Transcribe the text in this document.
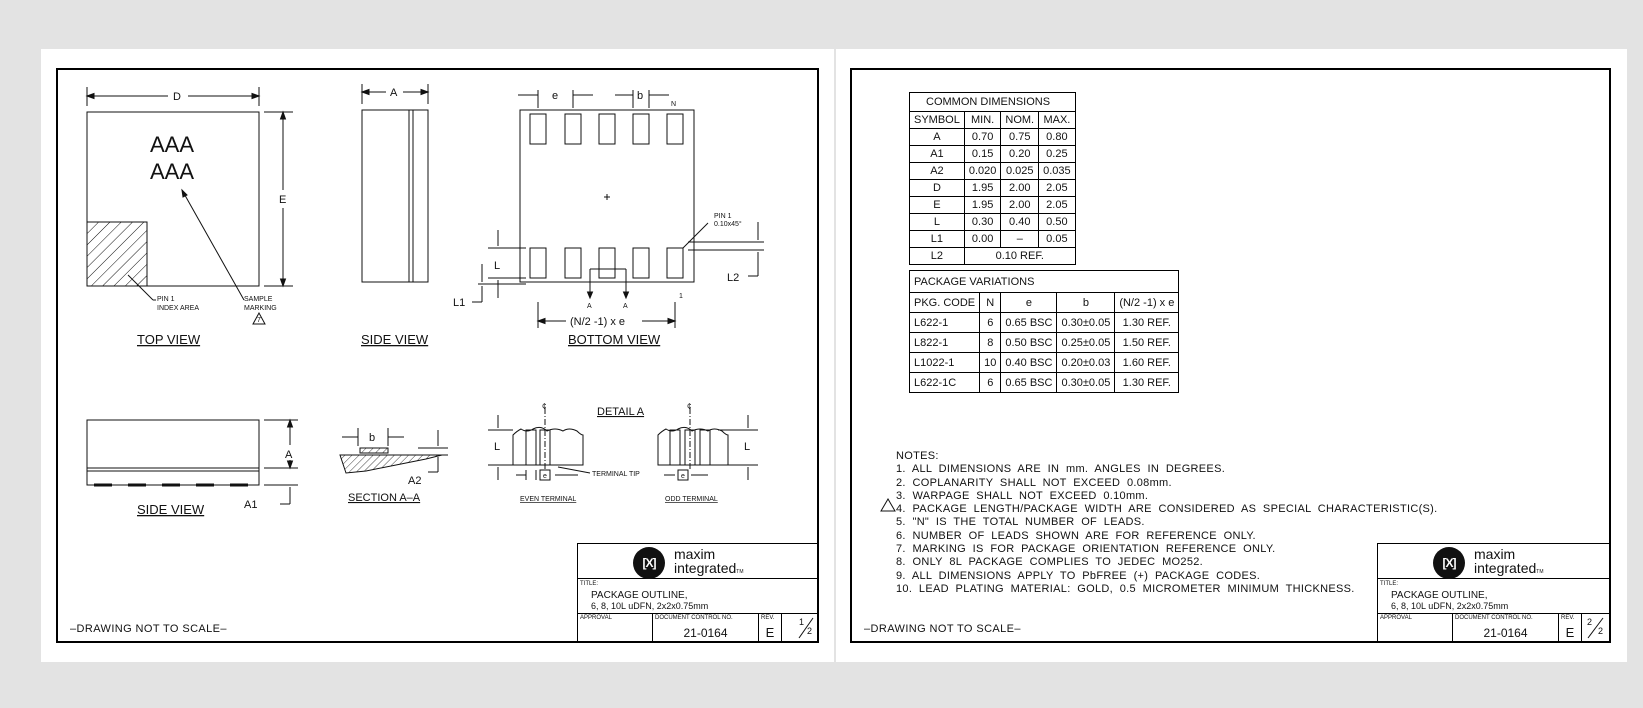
D
E
AAA
AAA
PIN 1
INDEX AREA
SAMPLE
MARKING
7
TOP VIEW
A
SIDE VIEW
e	b
N
PIN 1
0.10x45°
L2
L
L1	A	A
1
(N/2 -1) x e
BOTTOM VIEW
A
A1
SIDE VIEW
b
A2
SECTION A–A
DETAIL A
¢
L
e	TERMINAL TIP
EVEN TERMINAL
¢
L
e
ODD TERMINAL
–DRAWING NOT TO SCALE–
[X]
maxim
integratedTM
TITLE:
PACKAGE OUTLINE,
6, 8, 10L uDFN, 2x2x0.75mm
APPROVAL	DOCUMENT CONTROL NO.
21-0164
REV.
E
1
2
COMMON DIMENSIONS			
SYMBOL	MIN.	NOM.	MAX.
A	0.70	0.75	0.80
A1	0.15	0.20	0.25
A2	0.020	0.025	0.035
D	1.95	2.00	2.05
E	1.95	2.00	2.05
L	0.30	0.40	0.50
L1	0.00	–	0.05
L2	0.10 REF.		
PACKAGE VARIATIONS				
PKG. CODE	N	e	b	(N/2 -1) x e
L622-1	6	0.65 BSC	0.30±0.05	1.30 REF.
L822-1	8	0.50 BSC	0.25±0.05	1.50 REF.
L1022-1	10	0.40 BSC	0.20±0.03	1.60 REF.
L622-1C	6	0.65 BSC	0.30±0.05	1.30 REF.
NOTES:
1.  ALL  DIMENSIONS  ARE  IN  mm.  ANGLES  IN  DEGREES.
2.  COPLANARITY  SHALL  NOT  EXCEED  0.08mm.
3.  WARPAGE  SHALL  NOT  EXCEED  0.10mm.
4.  PACKAGE  LENGTH/PACKAGE  WIDTH  ARE  CONSIDERED  AS  SPECIAL  CHARACTERISTIC(S).
5.  "N"  IS  THE  TOTAL  NUMBER  OF  LEADS.
6.  NUMBER  OF  LEADS  SHOWN  ARE  FOR  REFERENCE  ONLY.
7.  MARKING  IS  FOR  PACKAGE  ORIENTATION  REFERENCE  ONLY.
8.  ONLY  8L  PACKAGE  COMPLIES  TO  JEDEC  MO252.
9.  ALL  DIMENSIONS  APPLY  TO  PbFREE  (+)  PACKAGE  CODES.
10.  LEAD  PLATING  MATERIAL:  GOLD,  0.5  MICROMETER  MINIMUM  THICKNESS.
–DRAWING NOT TO SCALE–
[X]
maxim
integratedTM
TITLE:
PACKAGE OUTLINE,
6, 8, 10L uDFN, 2x2x0.75mm
APPROVAL	DOCUMENT CONTROL NO.
21-0164
REV.
E
2
2
